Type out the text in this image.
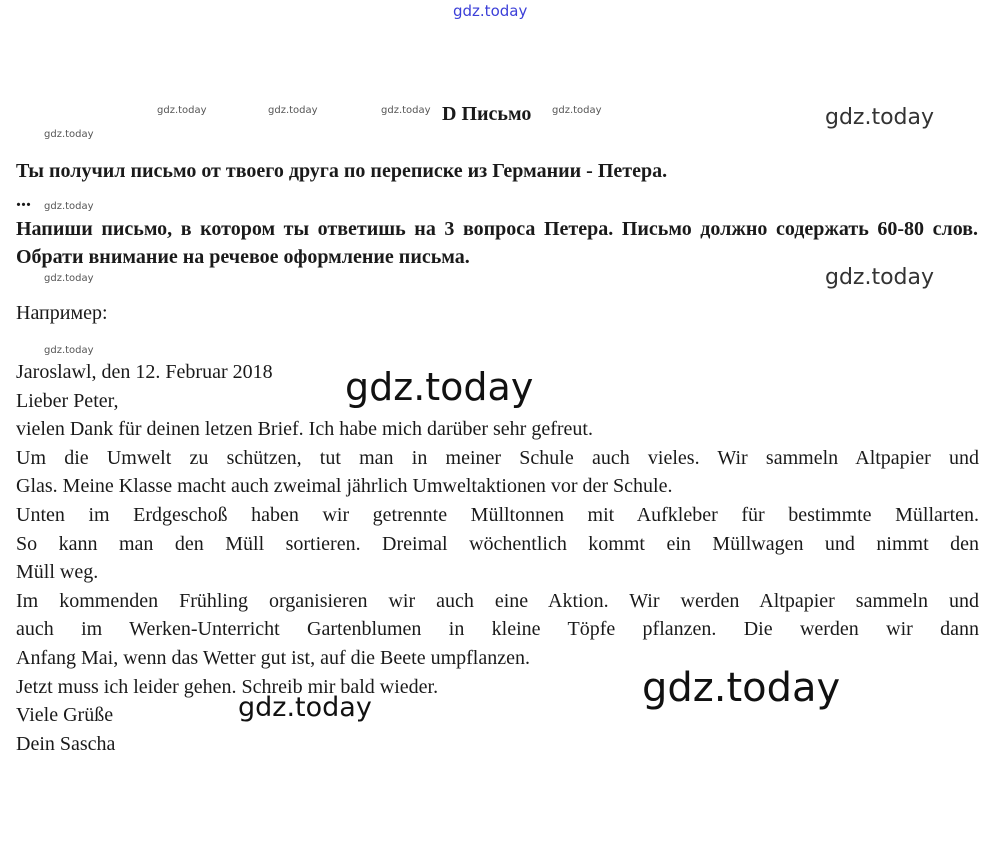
gdz.today
gdz.today	gdz.today	gdz.today	gdz.today
gdz.today
gdz.today
gdz.today
gdz.today
gdz.today
gdz.today
D Письмо
Ты получил письмо от твоего друга по переписке из Германии - Петера.
...
Напиши письмо, в котором ты ответишь на 3 вопроса Петера. Письмо должно содержать 60-80 слов. Обрати внимание на речевое оформление письма.
Например:
Jaroslawl, den 12. Februar 2018
Lieber Peter,
vielen Dank für deinen letzen Brief. Ich habe mich darüber sehr gefreut.
Um die Umwelt zu schützen, tut man in meiner Schule auch vieles. Wir sammeln Altpapier und
Glas. Meine Klasse macht auch zweimal jährlich Umweltaktionen vor der Schule.
Unten im Erdgeschoß haben wir getrennte Mülltonnen mit Aufkleber für bestimmte Müllarten.
So kann man den Müll sortieren. Dreimal wöchentlich kommt ein Müllwagen und nimmt den
Müll weg.
Im kommenden Frühling organisieren wir auch eine Aktion. Wir werden Altpapier sammeln und
auch im Werken-Unterricht Gartenblumen in kleine Töpfe pflanzen. Die werden wir dann
Anfang Mai, wenn das Wetter gut ist, auf die Beete umpflanzen.
Jetzt muss ich leider gehen. Schreib mir bald wieder.
Viele Grüße
Dein Sascha
gdz.today
gdz.today
gdz.today
